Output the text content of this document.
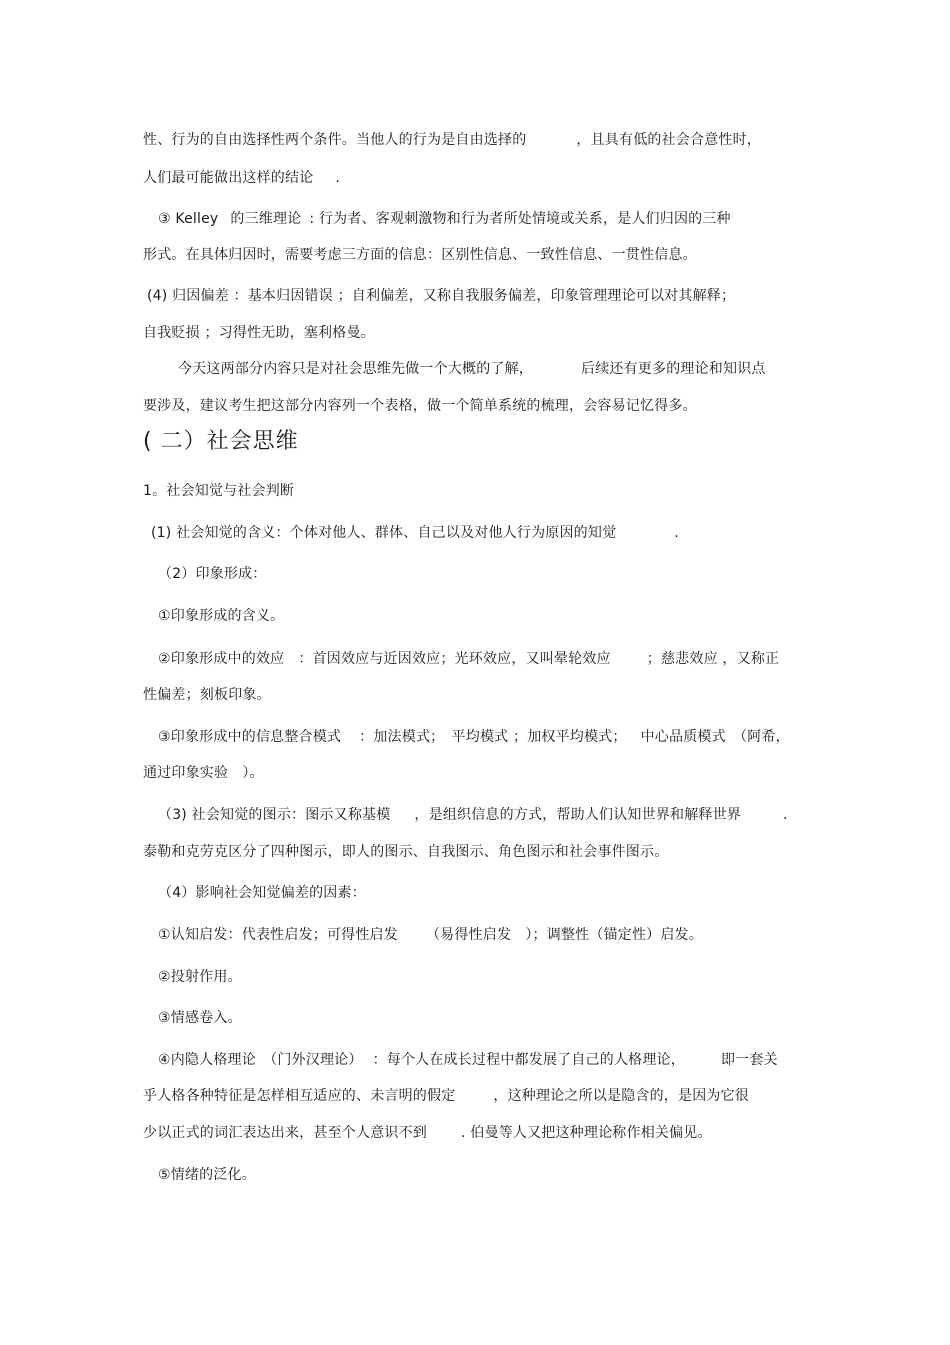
性、行为的自由选择性两个条件。当他人的行为是自由选择的	，且具有低的社会合意性时，
人们最可能做出这样的结论 .
③ Kelley 的三维理论 : 行为者、客观刺激物和行为者所处情境或关系，是人们归因的三种
形式。在具体归因时，需要考虑三方面的信息：区别性信息、一致性信息、一贯性信息。
(4) 归因偏差 ：基本归因错误 ；自利偏差，又称自我服务偏差，印象管理理论可以对其解释；
自我贬损 ；习得性无助，塞利格曼。
今天这两部分内容只是对社会思维先做一个大概的了解，	后续还有更多的理论和知识点
要涉及，建议考生把这部分内容列一个表格，做一个简单系统的梳理，会容易记忆得多。
( 二）社会思维
1。社会知觉与社会判断
(1) 社会知觉的含义：个体对他人、群体、自己以及对他人行为原因的知觉	.
（2）印象形成：
①印象形成的含义。
②印象形成中的效应 ：首因效应与近因效应；光环效应，又叫晕轮效应	；慈悲效应 ，又称正
性偏差；刻板印象。
③印象形成中的信息整合模式 ：加法模式；　平均模式 ；加权平均模式； 中心品质模式　（阿希，
通过印象实验　）。
（3) 社会知觉的图示：图示又称基模 ，是组织信息的方式，帮助人们认知世界和解释世界	.
泰勒和克劳克区分了四种图示，即人的图示、自我图示、角色图示和社会事件图示。
（4）影响社会知觉偏差的因素：
①认知启发：代表性启发；可得性启发 （易得性启发　）；调整性（锚定性）启发。
②投射作用。
③情感卷入。
④内隐人格理论　（门外汉理论） ：每个人在成长过程中都发展了自己的人格理论，	即一套关
乎人格各种特征是怎样相互适应的、未言明的假定	，这种理论之所以是隐含的，是因为它很
少以正式的词汇表达出来，甚至个人意识不到 . 伯曼等人又把这种理论称作相关偏见。
⑤情绪的泛化。
